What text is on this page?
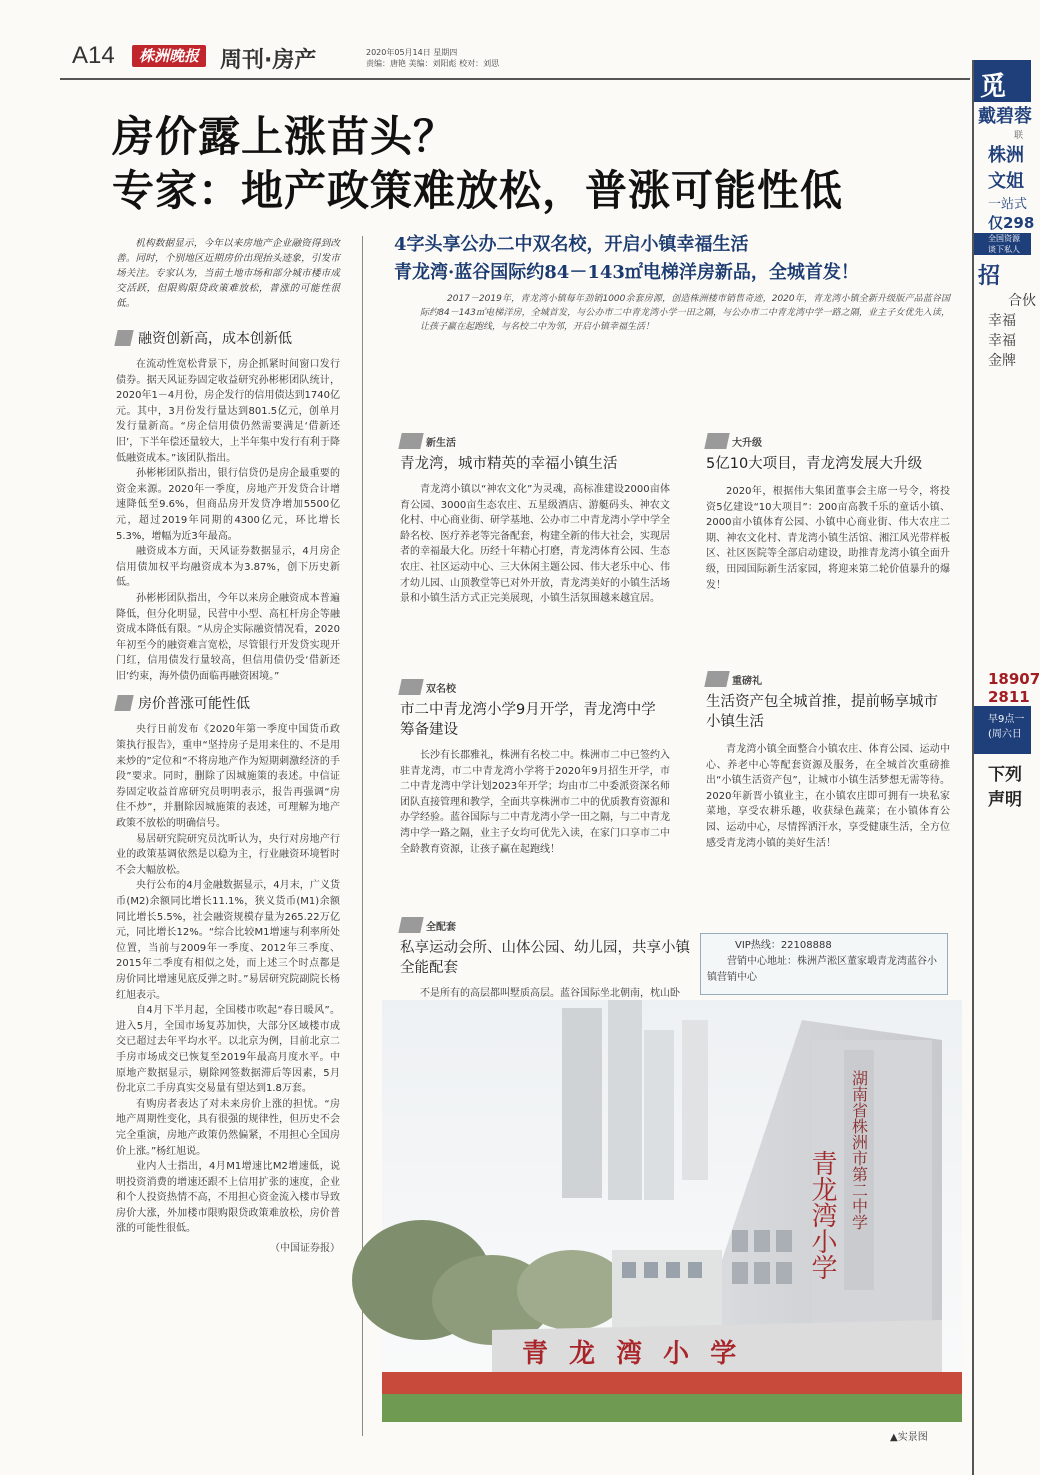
A14	株洲晚报 周刊·房产	2020年05月14日 星期四
责编：唐艳 美编：刘阳彪 校对：刘思
房价露上涨苗头？
专家：地产政策难放松，普涨可能性低
机构数据显示，今年以来房地产企业融资得到改善。同时，个别地区近期房价出现抬头迹象，引发市场关注。专家认为，当前土地市场和部分城市楼市成交活跃，但限购限贷政策难放松，普涨的可能性很低。
融资创新高，成本创新低
在流动性宽松背景下，房企抓紧时间窗口发行债券。据天风证券固定收益研究孙彬彬团队统计，2020年1－4月份，房企发行的信用债达到1740亿元。其中，3月份发行量达到801.5亿元，创单月发行量新高。“房企信用债仍然需要满足‘借新还旧’，下半年偿还量较大，上半年集中发行有利于降低融资成本。”该团队指出。
孙彬彬团队指出，银行信贷仍是房企最重要的资金来源。2020年一季度，房地产开发贷合计增速降低至9.6%，但商品房开发贷净增加5500亿元，超过2019年同期的4300亿元，环比增长5.3%，增幅为近3年最高。
融资成本方面，天风证券数据显示，4月房企信用债加权平均融资成本为3.87%，创下历史新低。
孙彬彬团队指出，今年以来房企融资成本普遍降低，但分化明显，民营中小型、高杠杆房企等融资成本降低有限。“从房企实际融资情况看，2020年初至今的融资难言宽松，尽管银行开发贷实现开门红，信用债发行量较高，但信用债仍受‘借新还旧’约束，海外债仍面临再融资困境。”
房价普涨可能性低
央行日前发布《2020年第一季度中国货币政策执行报告》，重申“坚持房子是用来住的、不是用来炒的”定位和“不将房地产作为短期刺激经济的手段”要求。同时，删除了因城施策的表述。中信证券固定收益首席研究员明明表示，报告再强调“房住不炒”，并删除因城施策的表述，可理解为地产政策不放松的明确信号。
易居研究院研究员沈昕认为，央行对房地产行业的政策基调依然是以稳为主，行业融资环境暂时不会大幅放松。
央行公布的4月金融数据显示，4月末，广义货币(M2)余额同比增长11.1%，狭义货币(M1)余额同比增长5.5%，社会融资规模存量为265.22万亿元，同比增长12%。“综合比较M1增速与利率所处位置，当前与2009年一季度、2012年三季度、2015年二季度有相似之处，而上述三个时点都是房价同比增速见底反弹之时。”易居研究院副院长杨红旭表示。
自4月下半月起，全国楼市吹起“春日暖风”。进入5月，全国市场复苏加快，大部分区域楼市成交已超过去年平均水平。以北京为例，目前北京二手房市场成交已恢复至2019年最高月度水平。中原地产数据显示，剔除网签数据滞后等因素，5月份北京二手房真实交易量有望达到1.8万套。
有购房者表达了对未来房价上涨的担忧。“房地产周期性变化，具有很强的规律性，但历史不会完全重演，房地产政策仍然偏紧，不用担心全国房价上涨。”杨红旭说。
业内人士指出，4月M1增速比M2增速低，说明投资消费的增速还跟不上信用扩张的速度，企业和个人投资热情不高，不用担心资金流入楼市导致房价大涨，外加楼市限购限贷政策难放松，房价普涨的可能性很低。
（中国证券报）
4字头享公办二中双名校，开启小镇幸福生活
青龙湾·蓝谷国际约84－143㎡电梯洋房新品，全城首发！
2017－2019年，青龙湾小镇每年劲销1000余套房源，创造株洲楼市销售奇迹，2020年，青龙湾小镇全新升级版产品蓝谷国际约84－143㎡电梯洋房，全城首发，与公办市二中青龙湾小学一田之隔，与公办市二中青龙湾中学一路之隔，业主子女优先入读，让孩子赢在起跑线，与名校二中为邻，开启小镇幸福生活！
新生活
青龙湾，城市精英的幸福小镇生活
青龙湾小镇以“神农文化”为灵魂，高标准建设2000亩体育公园、3000亩生态农庄、五星级酒店、游艇码头、神农文化村、中心商业街、研学基地、公办市二中青龙湾小学中学全龄名校、医疗养老等完备配套，构建全新的伟大社会，实现居者的幸福最大化。历经十年精心打磨，青龙湾体育公园、生态农庄、社区运动中心、三大休闲主题公园、伟大老乐中心、伟才幼儿园、山顶教堂等已对外开放，青龙湾美好的小镇生活场景和小镇生活方式正完美展现，小镇生活氛围越来越宜居。
大升级
5亿10大项目，青龙湾发展大升级
2020年，根据伟大集团董事会主席一号令，将投资5亿建设“10大项目”：200亩高教千乐的童话小镇、2000亩小镇体育公园、小镇中心商业街、伟大农庄二期、神农文化村、青龙湾小镇生活馆、湘江风光带样板区、社区医院等全部启动建设，助推青龙湾小镇全面升级，田园国际新生活家园，将迎来第二轮价值暴升的爆发！
双名校
市二中青龙湾小学9月开学，青龙湾中学筹备建设
长沙有长郡雅礼，株洲有名校二中。株洲市二中已签约入驻青龙湾，市二中青龙湾小学将于2020年9月招生开学，市二中青龙湾中学计划2023年开学；均由市二中委派资深名师团队直接管理和教学，全面共享株洲市二中的优质教育资源和办学经验。蓝谷国际与二中青龙湾小学一田之隔，与二中青龙湾中学一路之隔，业主子女均可优先入读，在家门口享市二中全龄教育资源，让孩子赢在起跑线！
重磅礼
生活资产包全城首推，提前畅享城市小镇生活
青龙湾小镇全面整合小镇农庄、体育公园、运动中心、养老中心等配套资源及服务，在全城首次重磅推出“小镇生活资产包”，让城市小镇生活梦想无需等待。2020年新晋小镇业主，在小镇农庄即可拥有一块私家菜地，享受农耕乐趣，收获绿色蔬菜；在小镇体育公园、运动中心，尽情挥洒汗水，享受健康生活，全方位感受青龙湾小镇的美好生活！
全配套
私享运动会所、山体公园、幼儿园，共享小镇全能配套
不是所有的高层都叫墅质高层。蓝谷国际坐北朝南，枕山卧
VIP热线：22108888
营销中心地址：株洲芦淞区董家塅青龙湾蓝谷小镇营销中心
湖南省株洲市第二中学
青龙湾小学
青 龙 湾 小 学
▲实景图
觅
戴碧蓉
联
株洲
文姐
一站式
仅298
全国资源
谈下私人
招
合伙
幸福
幸福
金牌
18907
2811
早9点一
(周六日
下列
声明
